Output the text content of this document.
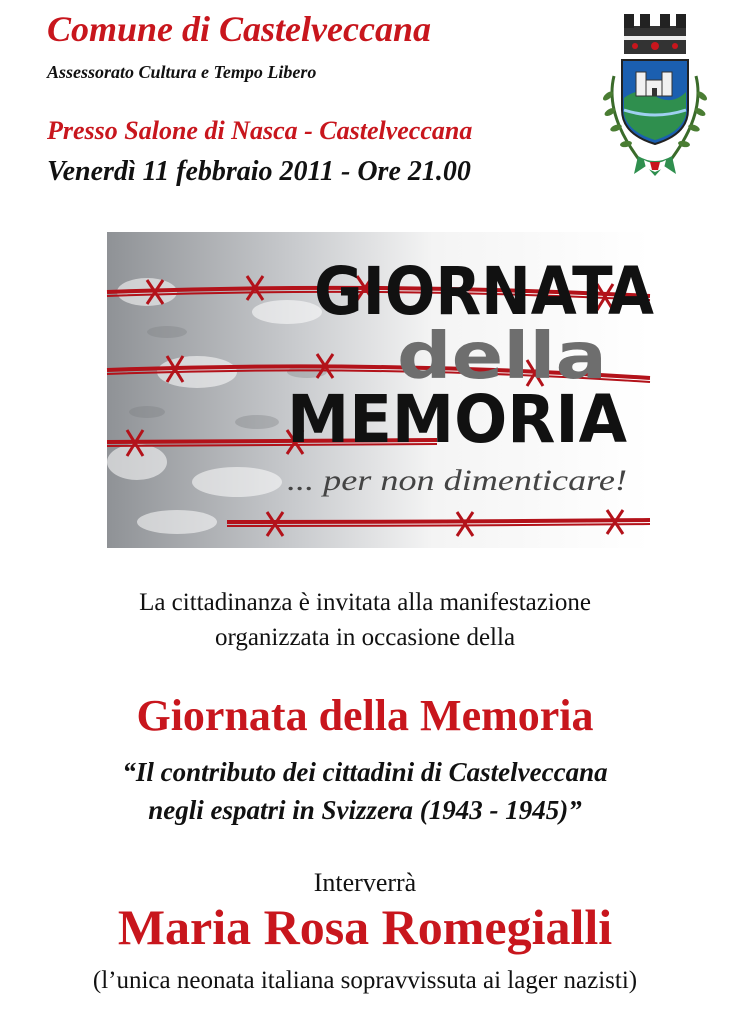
Comune di Castelveccana
Assessorato Cultura e Tempo Libero
Presso Salone di Nasca - Castelveccana
Venerdì 11 febbraio 2011 - Ore 21.00
GIORNATA
della
MEMORIA
... per non dimenticare!
La cittadinanza è invitata alla manifestazione
organizzata in occasione della
Giornata della Memoria
“Il contributo dei cittadini di Castelveccana
negli espatri in Svizzera (1943 - 1945)”
Interverrà
Maria Rosa Romegialli
(l’unica neonata italiana sopravvissuta ai lager nazisti)
